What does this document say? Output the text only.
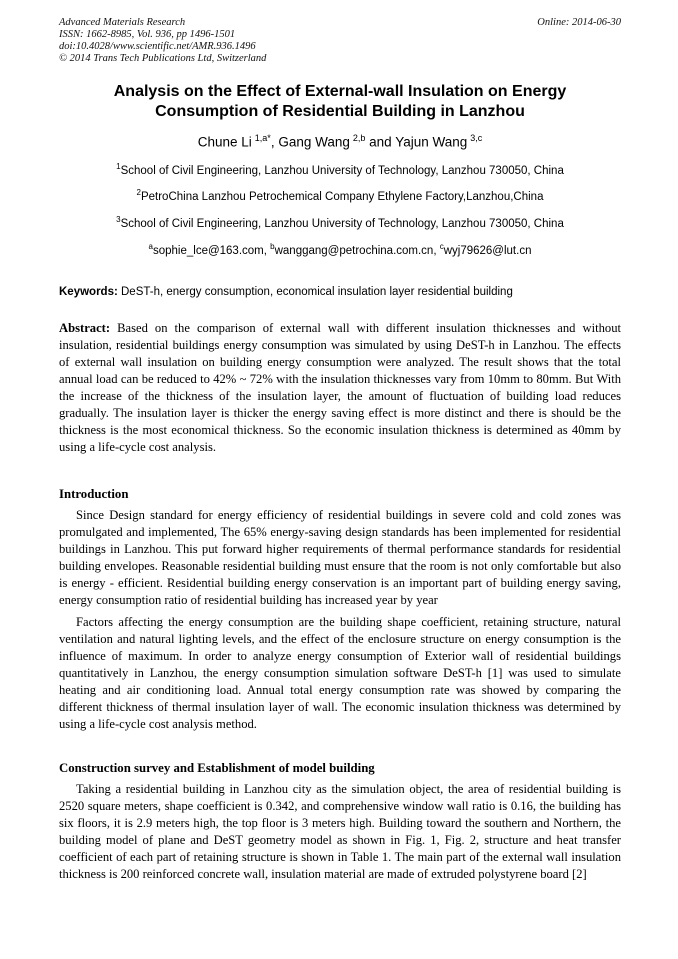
Advanced Materials Research
ISSN: 1662-8985, Vol. 936, pp 1496-1501
doi:10.4028/www.scientific.net/AMR.936.1496
© 2014 Trans Tech Publications Ltd, Switzerland
Online: 2014-06-30
Analysis on the Effect of External-wall Insulation on Energy
Consumption of Residential Building in Lanzhou
Chune Li $^{1,a*}$, Gang Wang $^{2,b}$ and Yajun Wang $^{3,c}$
$^1$School of Civil Engineering, Lanzhou University of Technology, Lanzhou 730050, China
$^2$PetroChina Lanzhou Petrochemical Company Ethylene Factory,Lanzhou,China
$^3$School of Civil Engineering, Lanzhou University of Technology, Lanzhou 730050, China
$^a$sophie_lce@163.com, $^b$wanggang@petrochina.com.cn, $^c$wyj79626@lut.cn
Keywords: DeST-h, energy consumption, economical insulation layer residential building

Abstract: Based on the comparison of external wall with different insulation thicknesses and without insulation, residential buildings energy consumption was simulated by using DeST-h in Lanzhou. The effects of external wall insulation on building energy consumption were analyzed. The result shows that the total annual load can be reduced to 42% ~ 72% with the insulation thicknesses vary from 10mm to 80mm. But With the increase of the thickness of the insulation layer, the amount of fluctuation of building load reduces gradually. The insulation layer is thicker the energy saving effect is more distinct and there is should be the thickness is the most economical thickness. So the economic insulation thickness is determined as 40mm by using a life-cycle cost analysis.

Introduction

Since Design standard for energy efficiency of residential buildings in severe cold and cold zones was promulgated and implemented, The 65% energy-saving design standards has been implemented for residential buildings in Lanzhou. This put forward higher requirements of thermal performance standards for residential building envelopes. Reasonable residential building must ensure that the room is not only comfortable but also is energy - efficient. Residential building energy conservation is an important part of building energy saving, energy consumption ratio of residential building has increased year by year

Factors affecting the energy consumption are the building shape coefficient, retaining structure, natural ventilation and natural lighting levels, and the effect of the enclosure structure on energy consumption is the influence of maximum. In order to analyze energy consumption of Exterior wall of residential buildings quantitatively in Lanzhou, the energy consumption simulation software DeST-h [1] was used to simulate heating and air conditioning load. Annual total energy consumption rate was showed by comparing the different thickness of thermal insulation layer of wall. The economic insulation thickness was determined by using a life-cycle cost analysis method.

Construction survey and Establishment of model building

Taking a residential building in Lanzhou city as the simulation object, the area of residential building is 2520 square meters, shape coefficient is 0.342, and comprehensive window wall ratio is 0.16, the building has six floors, it is 2.9 meters high, the top floor is 3 meters high. Building toward the southern and Northern, the building model of plane and DeST geometry model as shown in Fig. 1, Fig. 2, structure and heat transfer coefficient of each part of retaining structure is shown in Table 1. The main part of the external wall insulation thickness is 200 reinforced concrete wall, insulation material are made of extruded polystyrene board [2]
